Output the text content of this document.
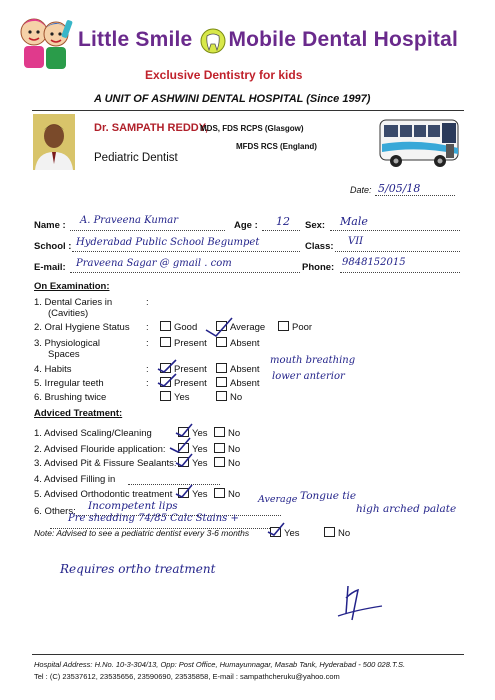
Little Smile Mobile Dental Hospital
Exclusive Dentistry for kids
A UNIT OF ASHWINI DENTAL HOSPITAL (Since 1997)
Dr. SAMPATH REDDY,
MDS, FDS RCPS (Glasgow)
MFDS RCS (England)
Pediatric Dentist
Date: 5/05/18
Name : A. Praveena Kumar	Age : 12 Sex: Male
School : Hyderabad Public School Begumpet	Class: VII
E-mail: Praveena Sagar @ gmail . com	Phone: 9848152015
On Examination:
1. Dental Caries in
(Cavities)
:
2. Oral Hygiene Status :	Good	Average	Poor
3. Physiological
Spaces
:	Present Absent
4. Habits	:	Present Absent
mouth breathing
5. Irregular teeth	:	Present Absent
lower anterior
6. Brushing twice	Yes	No
Adviced Treatment:
1. Advised Scaling/Cleaning	Yes No
2. Advised Flouride application:	Yes No
3. Advised Pit & Fissure Sealants: Yes No
4. Advised Filling in
5. Advised Orthodontic treatment Yes No
6. Others:
Average
Incompetent lips
Tongue tie
Pre shedding 74/85 Calc Stains +
high arched palate
Note: Advised to see a pediatric dentist every 3-6 months	Yes	No
Requires ortho treatment
Hospital Address: H.No. 10-3-304/13, Opp: Post Office, Humayunnagar, Masab Tank, Hyderabad - 500 028.T.S.
Tel : (C) 23537612, 23535656, 23590690, 23535858, E-mail : sampathcheruku@yahoo.com
